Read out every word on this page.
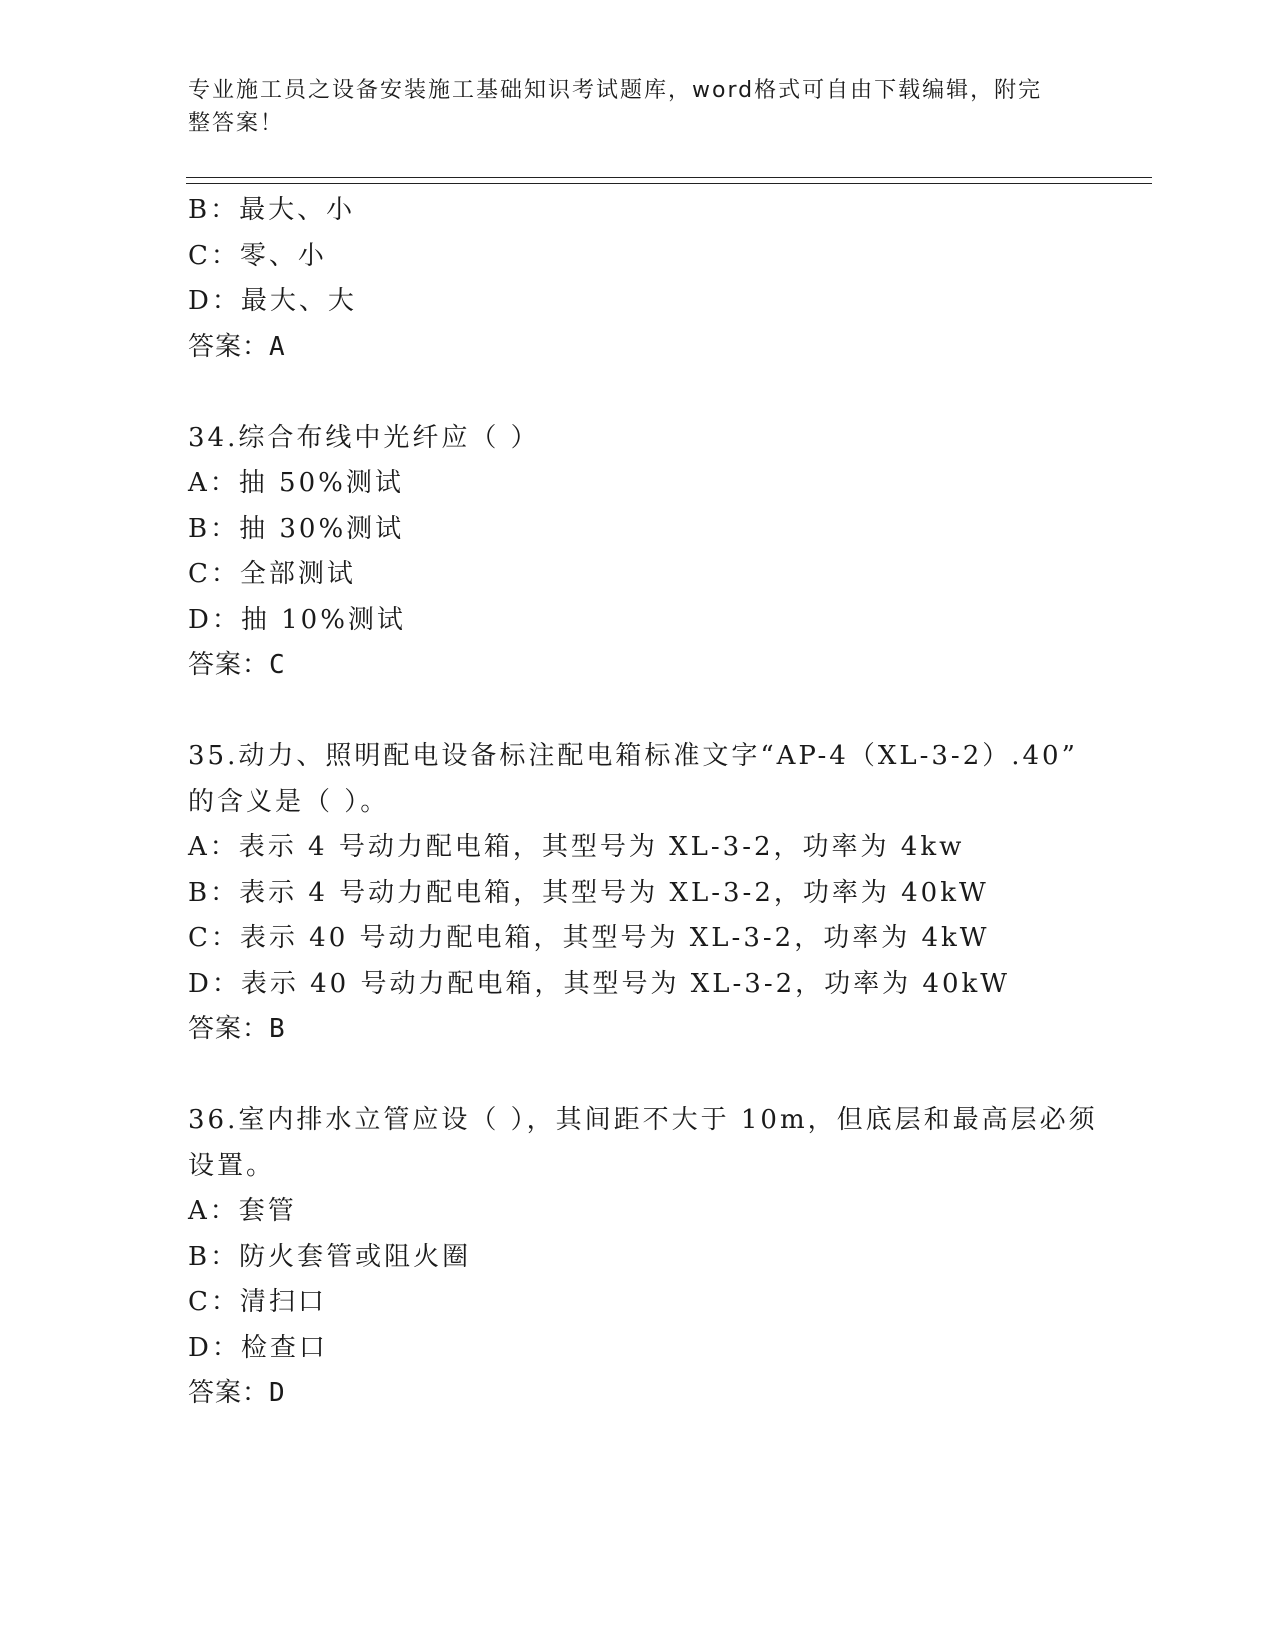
专业施工员之设备安装施工基础知识考试题库，word格式可自由下载编辑，附完
整答案！
B：最大、小
C：零、小
D：最大、大
答案：A
34.综合布线中光纤应（ ）
A：抽 50%测试
B：抽 30%测试
C：全部测试
D：抽 10%测试
答案：C
35.动力、照明配电设备标注配电箱标准文字“AP-4（XL-3-2）.40”
的含义是（ ）。
A：表示 4 号动力配电箱，其型号为 XL-3-2，功率为 4kw
B：表示 4 号动力配电箱，其型号为 XL-3-2，功率为 40kW
C：表示 40 号动力配电箱，其型号为 XL-3-2，功率为 4kW
D：表示 40 号动力配电箱，其型号为 XL-3-2，功率为 40kW
答案：B
36.室内排水立管应设（ ），其间距不大于 10m，但底层和最高层必须
设置。
A：套管
B：防火套管或阻火圈
C：清扫口
D：检查口
答案：D
